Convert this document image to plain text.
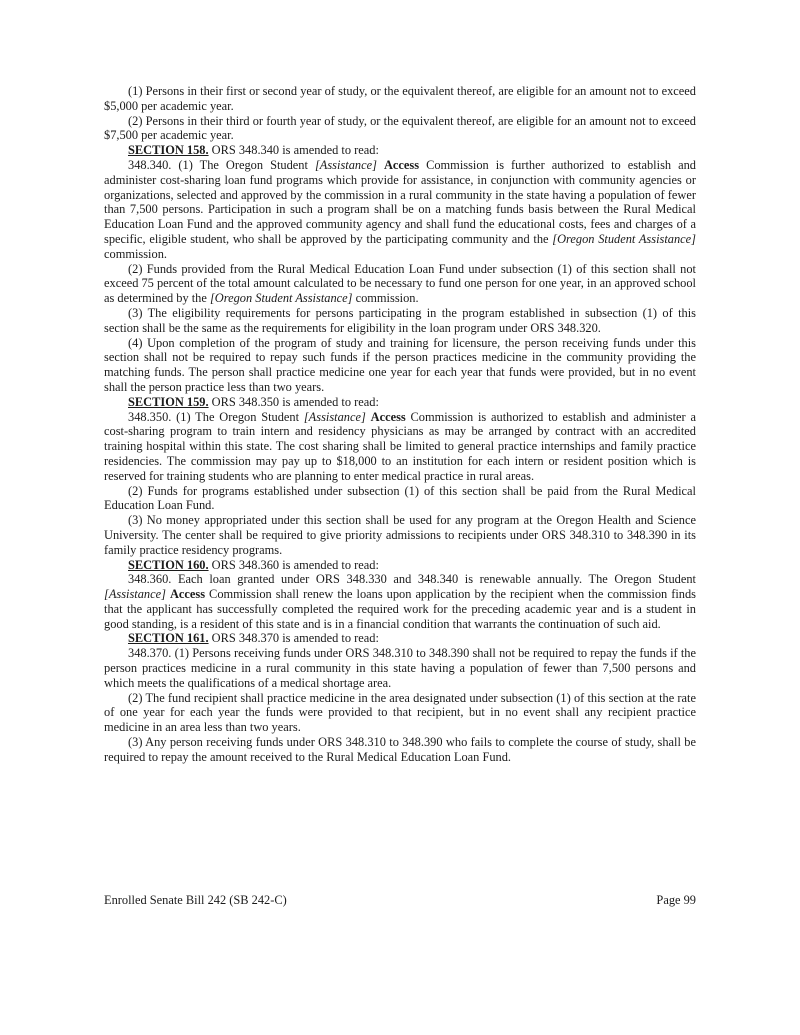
(1) Persons in their first or second year of study, or the equivalent thereof, are eligible for an amount not to exceed $5,000 per academic year.

(2) Persons in their third or fourth year of study, or the equivalent thereof, are eligible for an amount not to exceed $7,500 per academic year.

SECTION 158. ORS 348.340 is amended to read:

348.340. (1) The Oregon Student [Assistance] Access Commission is further authorized to establish and administer cost-sharing loan fund programs which provide for assistance, in conjunction with community agencies or organizations, selected and approved by the commission in a rural community in the state having a population of fewer than 7,500 persons. Participation in such a program shall be on a matching funds basis between the Rural Medical Education Loan Fund and the approved community agency and shall fund the educational costs, fees and charges of a specific, eligible student, who shall be approved by the participating community and the [Oregon Student Assistance] commission.

(2) Funds provided from the Rural Medical Education Loan Fund under subsection (1) of this section shall not exceed 75 percent of the total amount calculated to be necessary to fund one person for one year, in an approved school as determined by the [Oregon Student Assistance] commission.

(3) The eligibility requirements for persons participating in the program established in subsection (1) of this section shall be the same as the requirements for eligibility in the loan program under ORS 348.320.

(4) Upon completion of the program of study and training for licensure, the person receiving funds under this section shall not be required to repay such funds if the person practices medicine in the community providing the matching funds. The person shall practice medicine one year for each year that funds were provided, but in no event shall the person practice less than two years.

SECTION 159. ORS 348.350 is amended to read:

348.350. (1) The Oregon Student [Assistance] Access Commission is authorized to establish and administer a cost-sharing program to train intern and residency physicians as may be arranged by contract with an accredited training hospital within this state. The cost sharing shall be limited to general practice internships and family practice residencies. The commission may pay up to $18,000 to an institution for each intern or resident position which is reserved for training students who are planning to enter medical practice in rural areas.

(2) Funds for programs established under subsection (1) of this section shall be paid from the Rural Medical Education Loan Fund.

(3) No money appropriated under this section shall be used for any program at the Oregon Health and Science University. The center shall be required to give priority admissions to recipients under ORS 348.310 to 348.390 in its family practice residency programs.

SECTION 160. ORS 348.360 is amended to read:

348.360. Each loan granted under ORS 348.330 and 348.340 is renewable annually. The Oregon Student [Assistance] Access Commission shall renew the loans upon application by the recipient when the commission finds that the applicant has successfully completed the required work for the preceding academic year and is a student in good standing, is a resident of this state and is in a financial condition that warrants the continuation of such aid.

SECTION 161. ORS 348.370 is amended to read:

348.370. (1) Persons receiving funds under ORS 348.310 to 348.390 shall not be required to repay the funds if the person practices medicine in a rural community in this state having a population of fewer than 7,500 persons and which meets the qualifications of a medical shortage area.

(2) The fund recipient shall practice medicine in the area designated under subsection (1) of this section at the rate of one year for each year the funds were provided to that recipient, but in no event shall any recipient practice medicine in an area less than two years.

(3) Any person receiving funds under ORS 348.310 to 348.390 who fails to complete the course of study, shall be required to repay the amount received to the Rural Medical Education Loan Fund.

Enrolled Senate Bill 242 (SB 242-C)	Page 99
